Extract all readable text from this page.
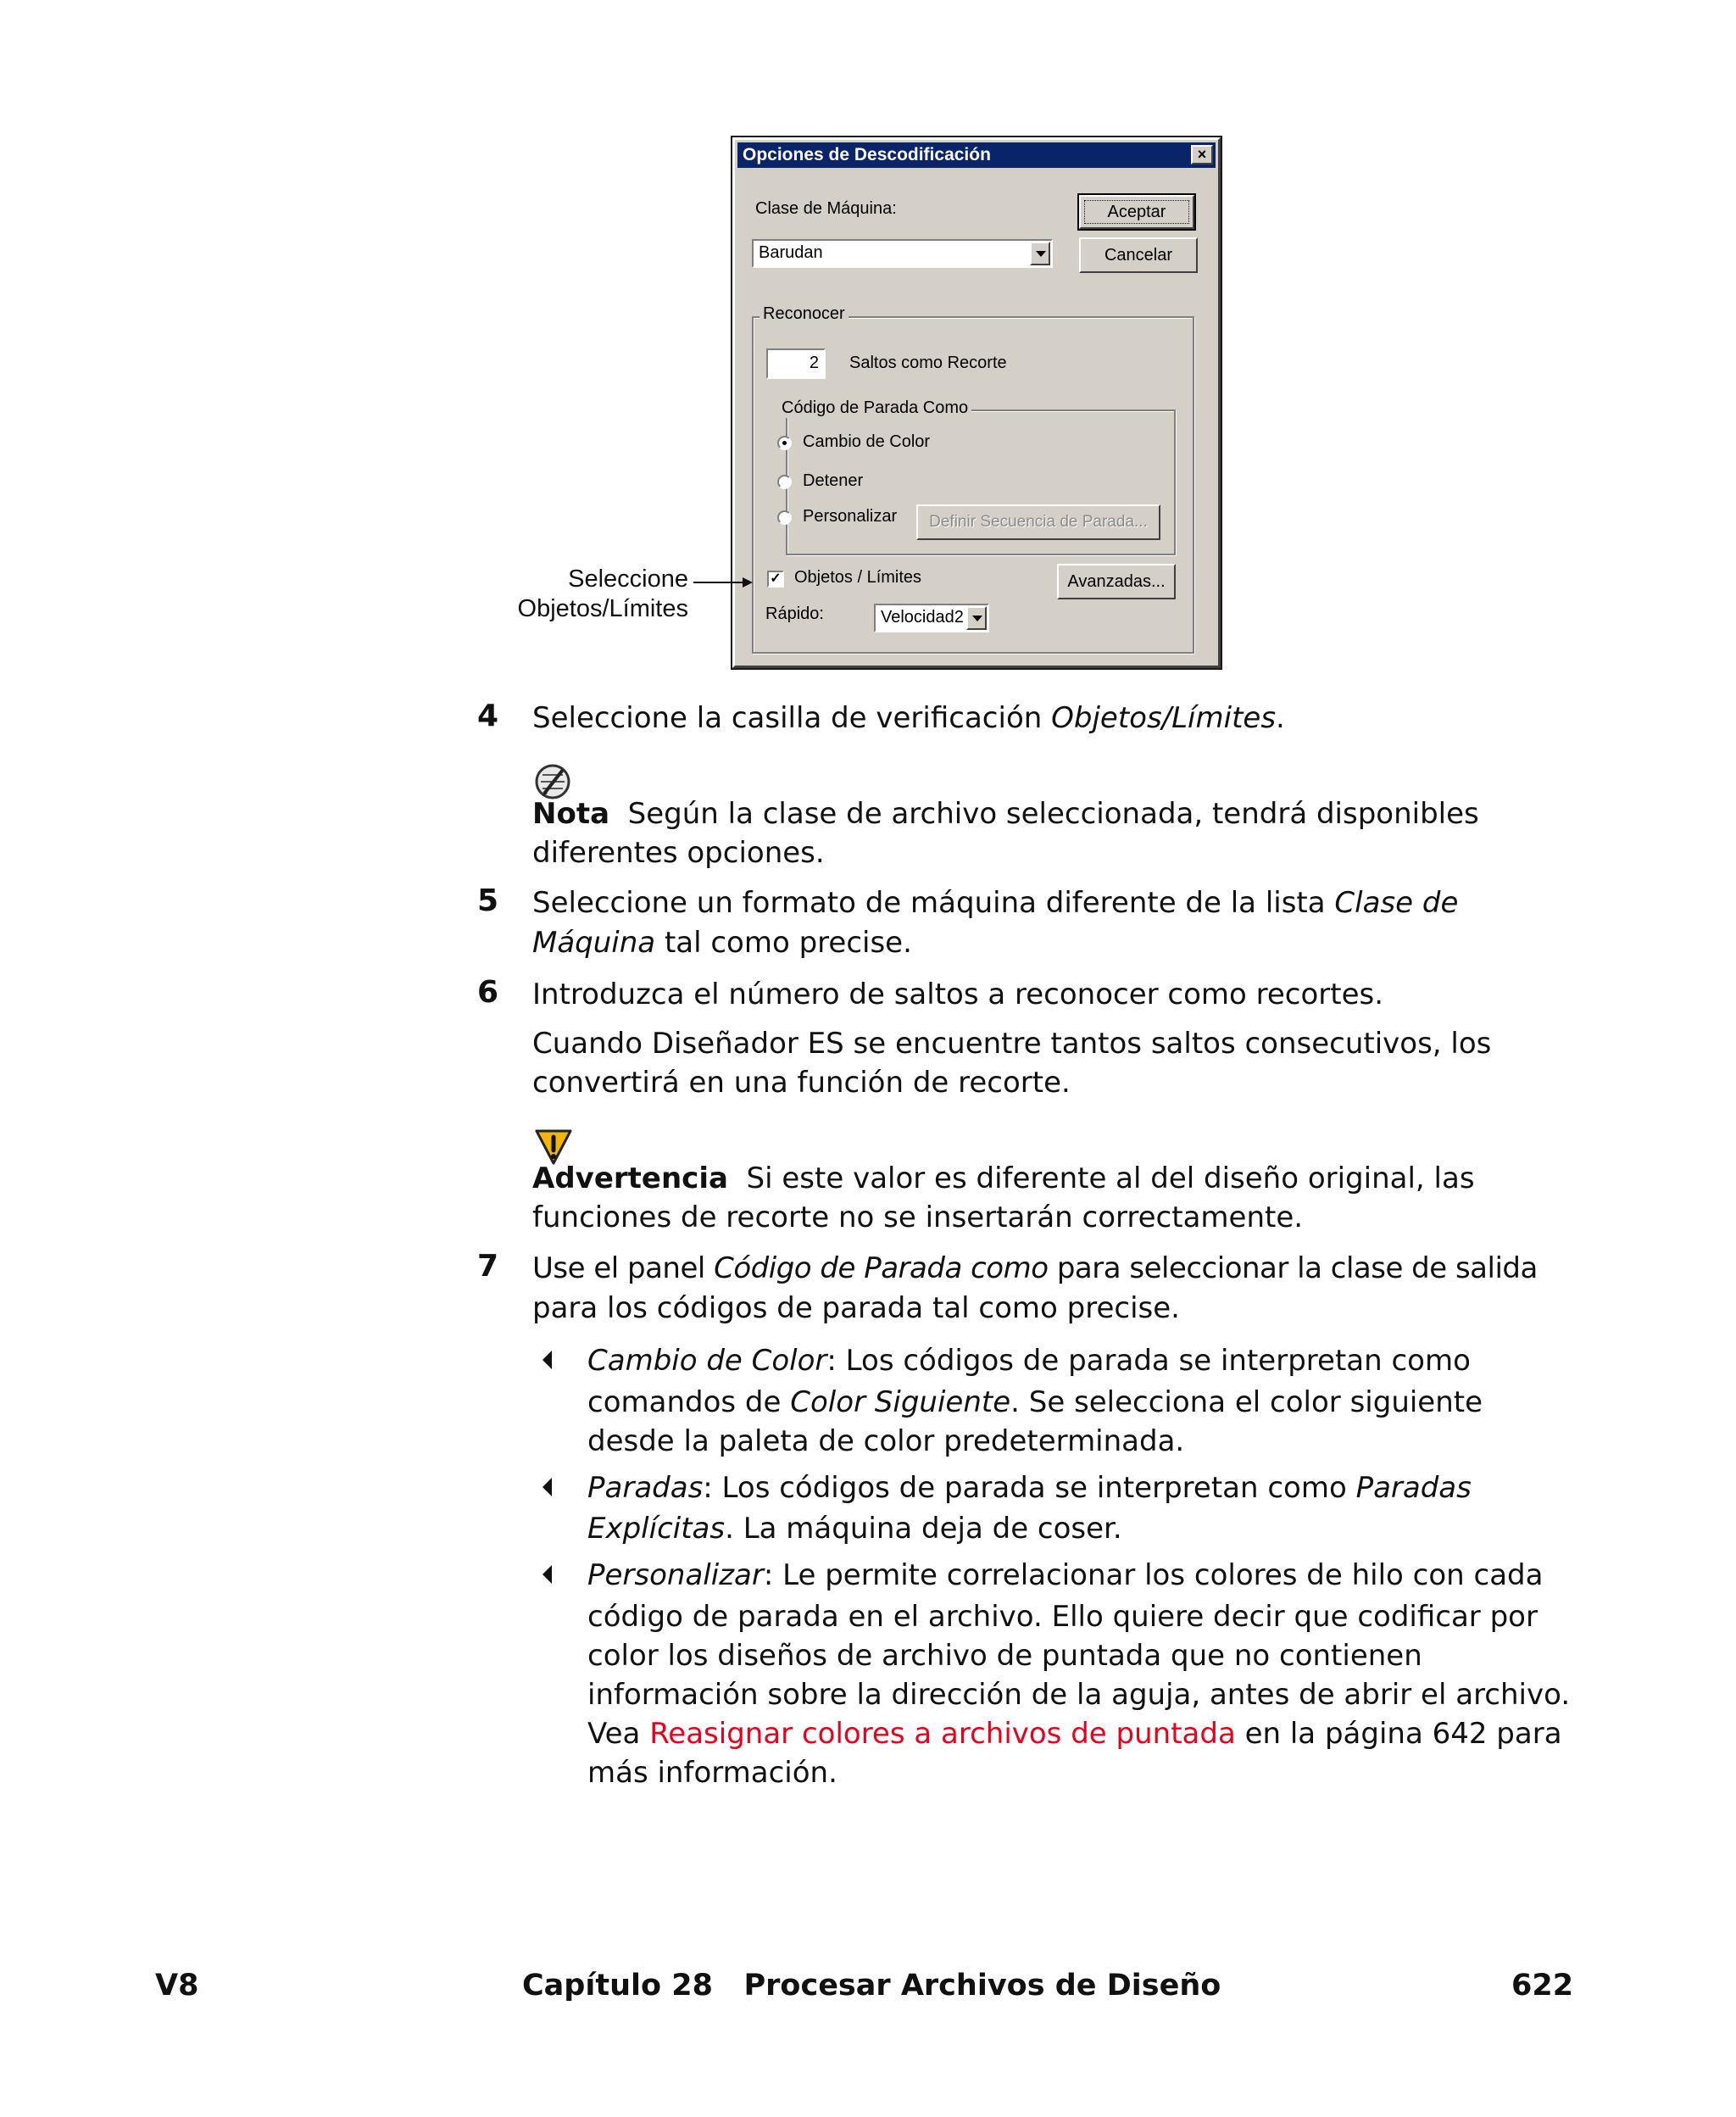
Opciones de Descodificación	×
Clase de Máquina:
Barudan
Aceptar
Cancelar
Reconocer
2	Saltos como Recorte
Código de Parada Como
Cambio de Color
Detener
Personalizar	Definir Secuencia de Parada...
✓ Objetos / Límites	Avanzadas...
Rápido:	Velocidad2
Seleccione
Objetos/Límites
4 Seleccione la casilla de verificación Objetos/Límites.
Nota Según la clase de archivo seleccionada, tendrá disponibles
diferentes opciones.
5 Seleccione un formato de máquina diferente de la lista Clase de
Máquina tal como precise.
6 Introduzca el número de saltos a reconocer como recortes.
Cuando Diseñador ES se encuentre tantos saltos consecutivos, los
convertirá en una función de recorte.
Advertencia Si este valor es diferente al del diseño original, las
funciones de recorte no se insertarán correctamente.
7 Use el panel Código de Parada como para seleccionar la clase de salida
para los códigos de parada tal como precise.
Cambio de Color: Los códigos de parada se interpretan como
comandos de Color Siguiente. Se selecciona el color siguiente
desde la paleta de color predeterminada.
Paradas: Los códigos de parada se interpretan como Paradas
Explícitas. La máquina deja de coser.
Personalizar: Le permite correlacionar los colores de hilo con cada
código de parada en el archivo. Ello quiere decir que codificar por
color los diseños de archivo de puntada que no contienen
información sobre la dirección de la aguja, antes de abrir el archivo.
Vea Reasignar colores a archivos de puntada en la página 642 para
más información.
V8	Capítulo 28   Procesar Archivos de Diseño	622
